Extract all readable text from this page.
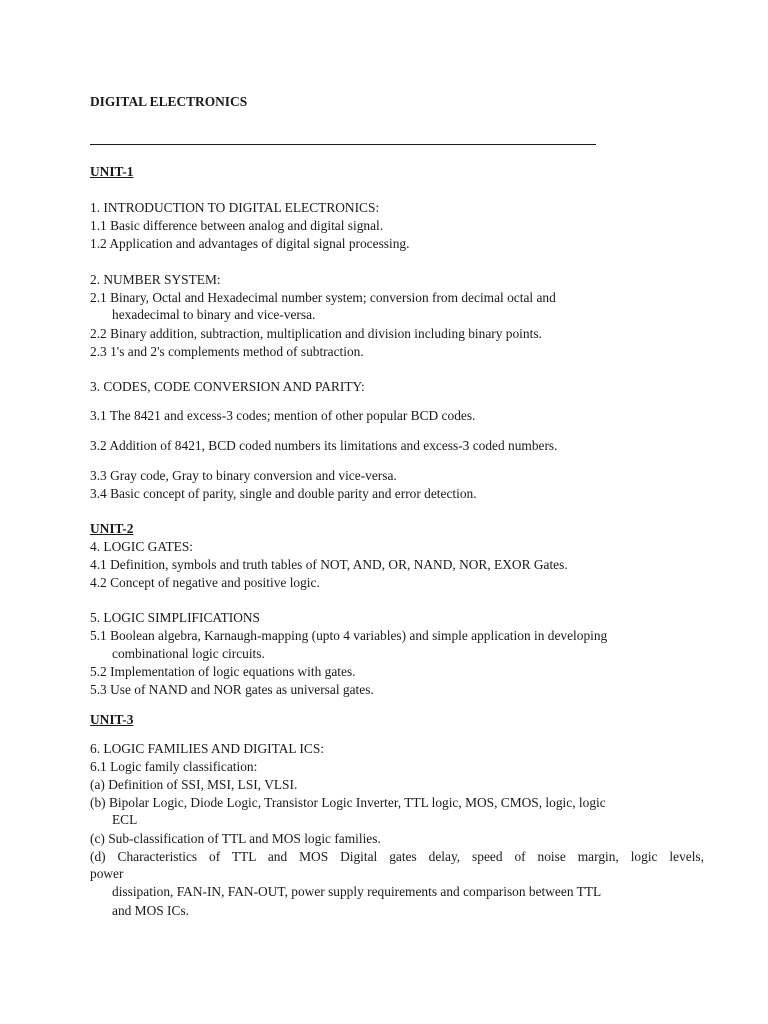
DIGITAL ELECTRONICS
UNIT-1
1. INTRODUCTION TO DIGITAL ELECTRONICS:
1.1 Basic difference between analog and digital signal.
1.2 Application and advantages of digital signal processing.
2. NUMBER SYSTEM:
2.1 Binary, Octal and Hexadecimal number system; conversion from decimal octal and
hexadecimal to binary and vice-versa.
2.2 Binary addition, subtraction, multiplication and division including binary points.
2.3 1's and 2's complements method of subtraction.
3. CODES, CODE CONVERSION AND PARITY:
3.1 The 8421 and excess-3 codes; mention of other popular BCD codes.
3.2 Addition of 8421, BCD coded numbers its limitations and excess-3 coded numbers.
3.3 Gray code, Gray to binary conversion and vice-versa.
3.4 Basic concept of parity, single and double parity and error detection.
UNIT-2
4. LOGIC GATES:
4.1 Definition, symbols and truth tables of NOT, AND, OR, NAND, NOR, EXOR Gates.
4.2 Concept of negative and positive logic.
5. LOGIC SIMPLIFICATIONS
5.1 Boolean algebra, Karnaugh-mapping (upto 4 variables) and simple application in developing
combinational logic circuits.
5.2 Implementation of logic equations with gates.
5.3 Use of NAND and NOR gates as universal gates.
UNIT-3
6. LOGIC FAMILIES AND DIGITAL ICS:
6.1 Logic family classification:
(a) Definition of SSI, MSI, LSI, VLSI.
(b) Bipolar Logic, Diode Logic, Transistor Logic Inverter, TTL logic, MOS, CMOS, logic, logic
ECL
(c) Sub-classification of TTL and MOS logic families.
(d) Characteristics of TTL and MOS Digital gates delay, speed of noise margin, logic levels,
power
dissipation, FAN-IN, FAN-OUT, power supply requirements and comparison between TTL
and MOS ICs.
